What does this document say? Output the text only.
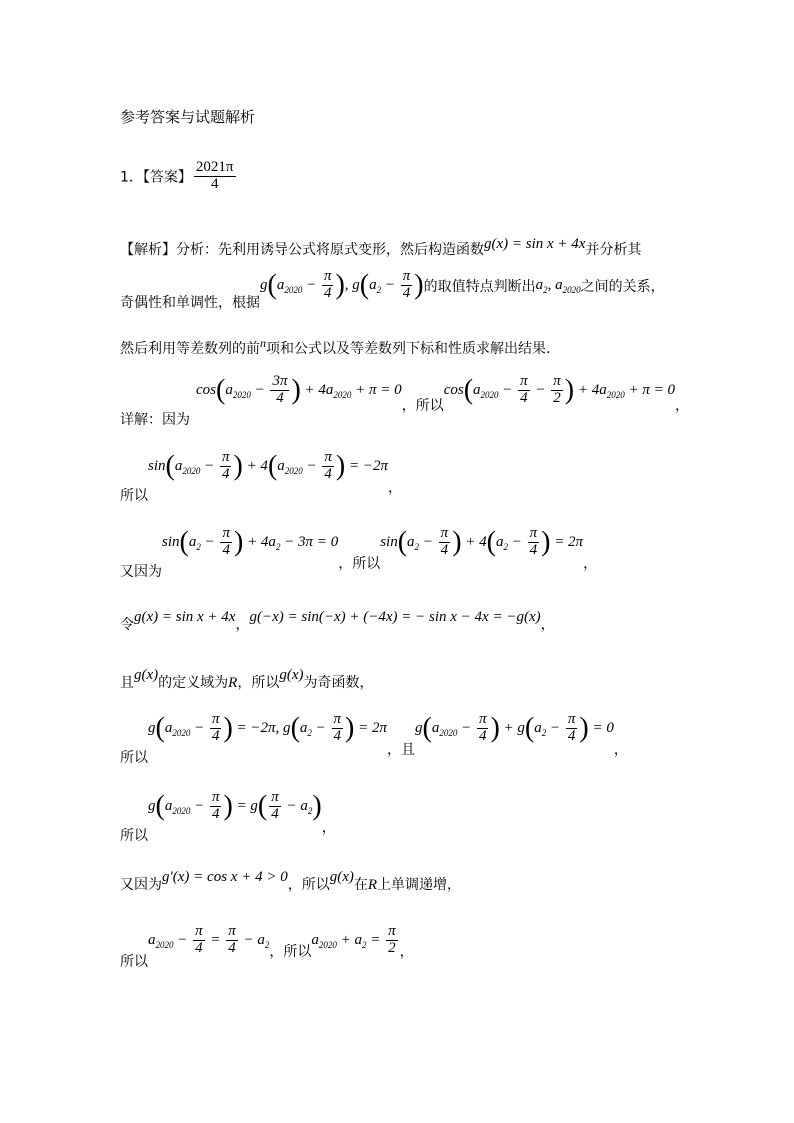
参考答案与试题解析
1．【答案】 $\frac{2021\pi}{4}$
【解析】分析：先利用诱导公式将原式变形，然后构造函数g(x) = sin x + 4x并分析其
奇偶性和单调性，根据$g(a_{2020} - \frac{\pi}{4}$ ), $g(a_2 - \frac{\pi}{4}$ )的取值特点判断出$a_2$, $a_{2020}$之间的关系，
然后利用等差数列的前n项和公式以及等差数列下标和性质求解出结果.
详解：因为$\cos(a_{2020} - \frac{3\pi}{4}$ ) + $4a_{2020} + \pi = 0$，所以$\cos(a_{2020} - \frac{\pi}{4} - \frac{\pi}{2}$ ) + $4a_{2020} + \pi = 0$，
所以$\sin(a_{2020} - \frac{\pi}{4}$ ) + $4(a_{2020} - \frac{\pi}{4}$ ) = −2π，
又因为$\sin(a_2 - \frac{\pi}{4}$ ) + $4a_2 - 3\pi = 0$，所以$\sin(a_2 - \frac{\pi}{4}$ ) + $4(a_2 - \frac{\pi}{4}$ ) = 2π，
令g(x) = sin x + 4x，g(−x) = sin(−x) + (−4x) = − sin x − 4x = −g(x)，
且g(x)的定义域为R，所以g(x)为奇函数，
所以$g(a_{2020} - \frac{\pi}{4}$ ) = −2π, $g(a_2 - \frac{\pi}{4}$ ) = 2π，且$g(a_{2020} - \frac{\pi}{4}$ ) + $g(a_2 - \frac{\pi}{4}$ ) = 0，
所以$g(a_{2020} - \frac{\pi}{4}$ ) = $g( \frac{\pi}{4} - a_2)$，
又因为g′(x) = cos x + 4 > 0，所以g(x)在R上单调递增，
所以$a_{2020} - \frac{\pi}{4} = \frac{\pi}{4} - a_2$，所以$a_{2020} + a_2 = \frac{\pi}{2}$ ，
